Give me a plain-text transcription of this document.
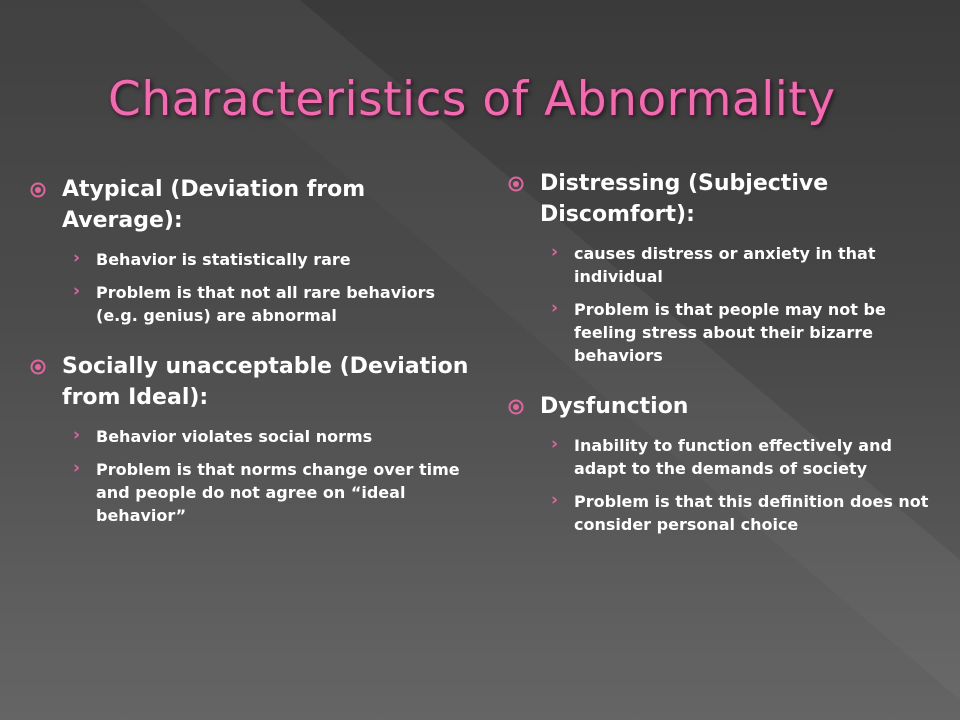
Characteristics of Abnormality
Atypical (Deviation from Average):
› Behavior is statistically rare
› Problem is that not all rare behaviors (e.g. genius) are abnormal
Socially unacceptable (Deviation from Ideal):
› Behavior violates social norms
› Problem is that norms change over time and people do not agree on “ideal behavior”
Distressing (Subjective Discomfort):
› causes distress or anxiety in that individual
› Problem is that people may not be feeling stress about their bizarre behaviors
Dysfunction
› Inability to function effectively and adapt to the demands of society
› Problem is that this definition does not consider personal choice
